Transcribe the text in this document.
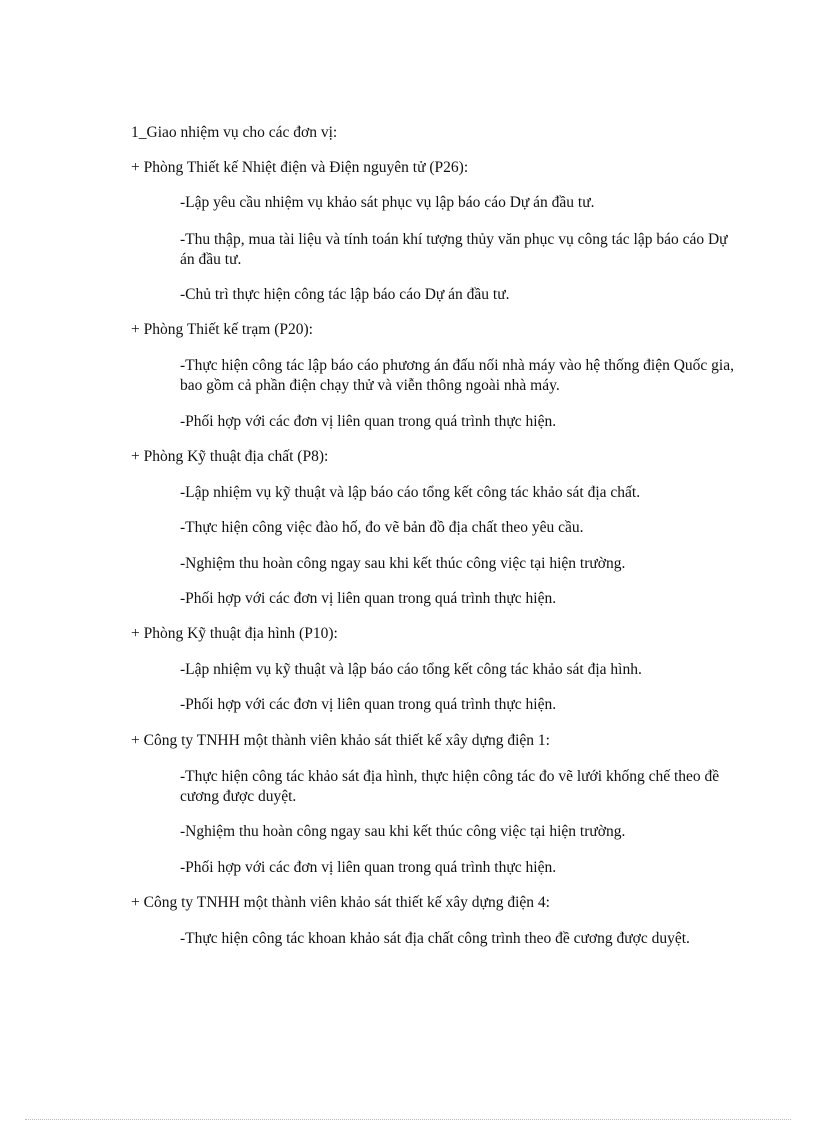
1_Giao nhiệm vụ cho các đơn vị:
+ Phòng Thiết kế Nhiệt điện và Điện nguyên tử (P26):
-Lập yêu cầu nhiệm vụ khảo sát phục vụ lập báo cáo Dự án đầu tư.
-Thu thập, mua tài liệu và tính toán khí tượng thủy văn phục vụ công tác lập báo cáo Dự án đầu tư.
-Chủ trì thực hiện công tác lập báo cáo Dự án đầu tư.
+ Phòng Thiết kế trạm (P20):
-Thực hiện công tác lập báo cáo phương án đấu nối nhà máy vào hệ thống điện Quốc gia, bao gồm cả phần điện chạy thử và viễn thông ngoài nhà máy.
-Phối hợp với các đơn vị liên quan trong quá trình thực hiện.
+ Phòng Kỹ thuật địa chất (P8):
-Lập nhiệm vụ kỹ thuật và lập báo cáo tổng kết công tác khảo sát địa chất.
-Thực hiện công việc đào hố, đo vẽ bản đồ địa chất theo yêu cầu.
-Nghiệm thu hoàn công ngay sau khi kết thúc công việc tại hiện trường.
-Phối hợp với các đơn vị liên quan trong quá trình thực hiện.
+ Phòng Kỹ thuật địa hình (P10):
-Lập nhiệm vụ kỹ thuật và lập báo cáo tổng kết công tác khảo sát địa hình.
-Phối hợp với các đơn vị liên quan trong quá trình thực hiện.
+ Công ty TNHH một thành viên khảo sát thiết kế xây dựng điện 1:
-Thực hiện công tác khảo sát địa hình, thực hiện công tác đo vẽ lưới khống chế theo đề cương được duyệt.
-Nghiệm thu hoàn công ngay sau khi kết thúc công việc tại hiện trường.
-Phối hợp với các đơn vị liên quan trong quá trình thực hiện.
+ Công ty TNHH một thành viên khảo sát thiết kế xây dựng điện 4:
-Thực hiện công tác khoan khảo sát địa chất công trình theo đề cương được duyệt.
